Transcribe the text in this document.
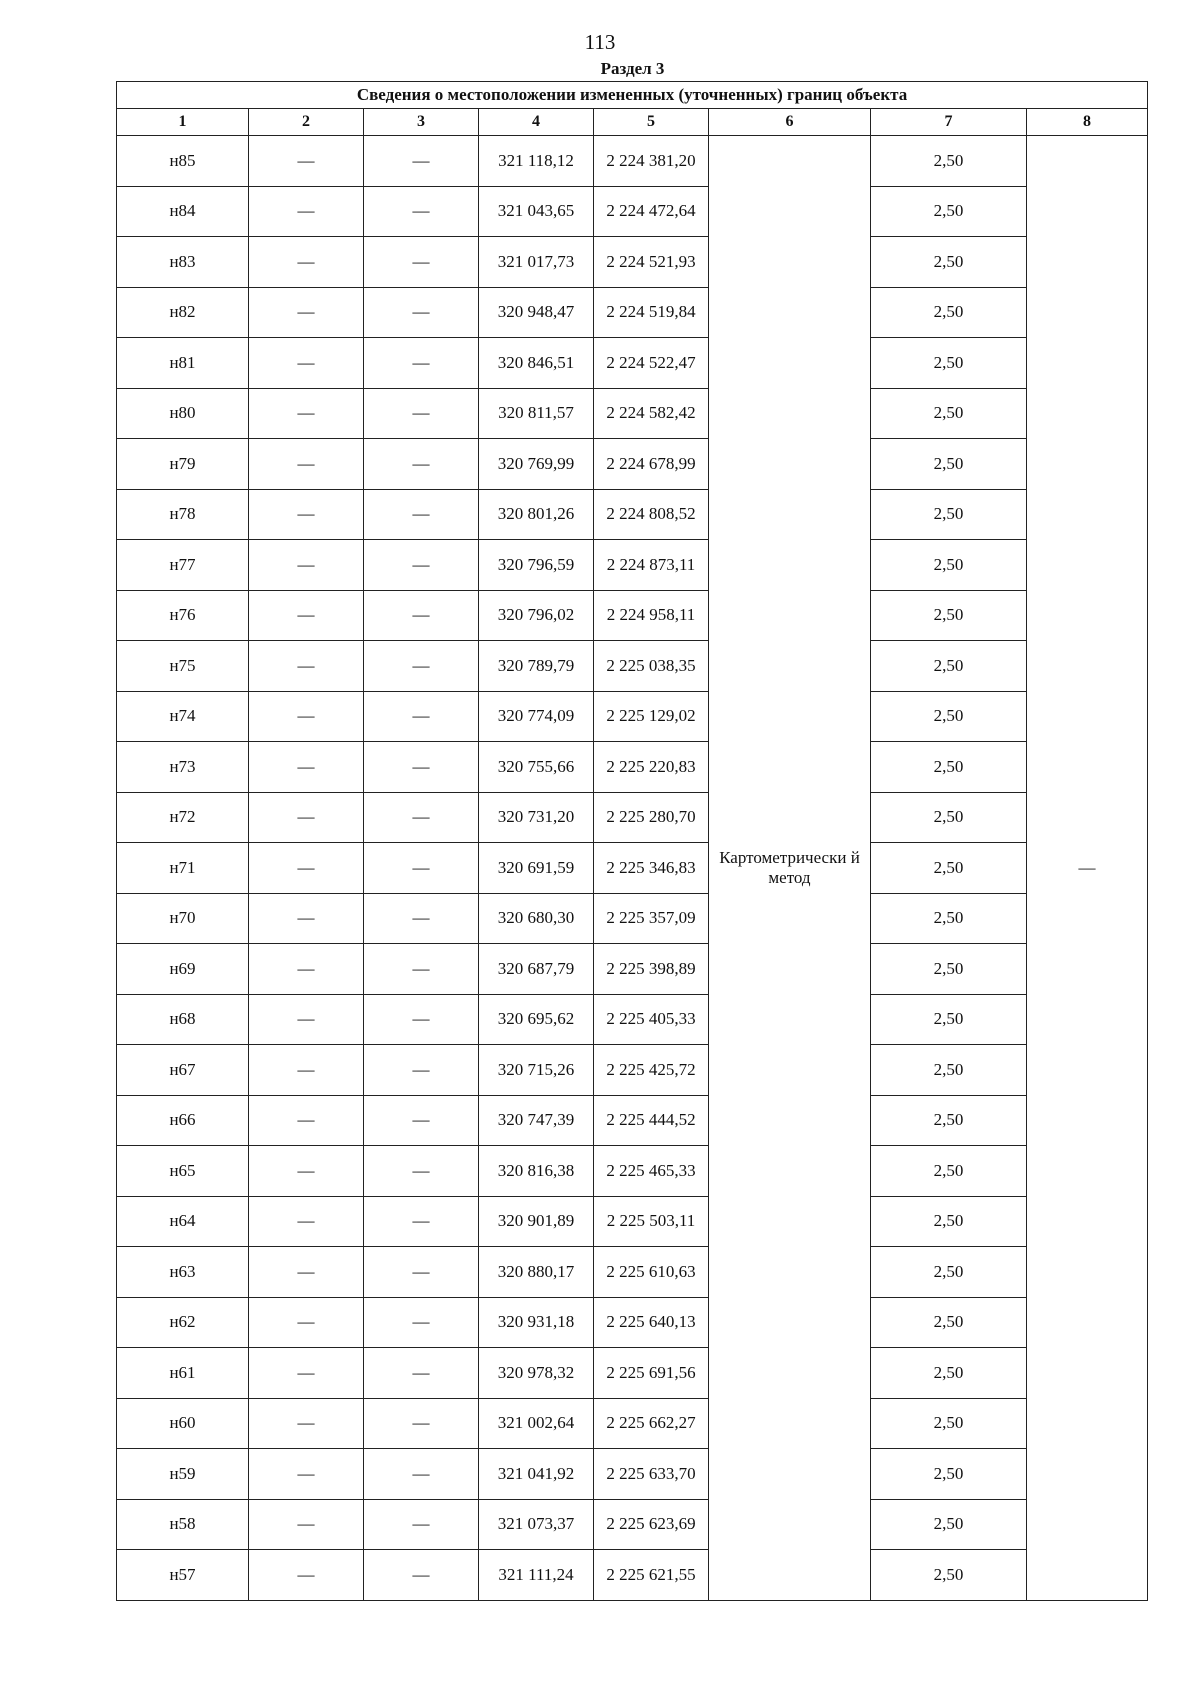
113
Раздел 3
Сведения о местоположении измененных (уточненных) границ объекта							
1	2	3	4	5	6	7	8
н85	—	—	321 118,12	2 224 381,20	Картометрически й метод	2,50	—
н84	—	—	321 043,65	2 224 472,64		2,50	
н83	—	—	321 017,73	2 224 521,93		2,50	
н82	—	—	320 948,47	2 224 519,84		2,50	
н81	—	—	320 846,51	2 224 522,47		2,50	
н80	—	—	320 811,57	2 224 582,42		2,50	
н79	—	—	320 769,99	2 224 678,99		2,50	
н78	—	—	320 801,26	2 224 808,52		2,50	
н77	—	—	320 796,59	2 224 873,11		2,50	
н76	—	—	320 796,02	2 224 958,11		2,50	
н75	—	—	320 789,79	2 225 038,35		2,50	
н74	—	—	320 774,09	2 225 129,02		2,50	
н73	—	—	320 755,66	2 225 220,83		2,50	
н72	—	—	320 731,20	2 225 280,70		2,50	
н71	—	—	320 691,59	2 225 346,83		2,50	
н70	—	—	320 680,30	2 225 357,09		2,50	
н69	—	—	320 687,79	2 225 398,89		2,50	
н68	—	—	320 695,62	2 225 405,33		2,50	
н67	—	—	320 715,26	2 225 425,72		2,50	
н66	—	—	320 747,39	2 225 444,52		2,50	
н65	—	—	320 816,38	2 225 465,33		2,50	
н64	—	—	320 901,89	2 225 503,11		2,50	
н63	—	—	320 880,17	2 225 610,63		2,50	
н62	—	—	320 931,18	2 225 640,13		2,50	
н61	—	—	320 978,32	2 225 691,56		2,50	
н60	—	—	321 002,64	2 225 662,27		2,50	
н59	—	—	321 041,92	2 225 633,70		2,50	
н58	—	—	321 073,37	2 225 623,69		2,50	
н57	—	—	321 111,24	2 225 621,55		2,50	
